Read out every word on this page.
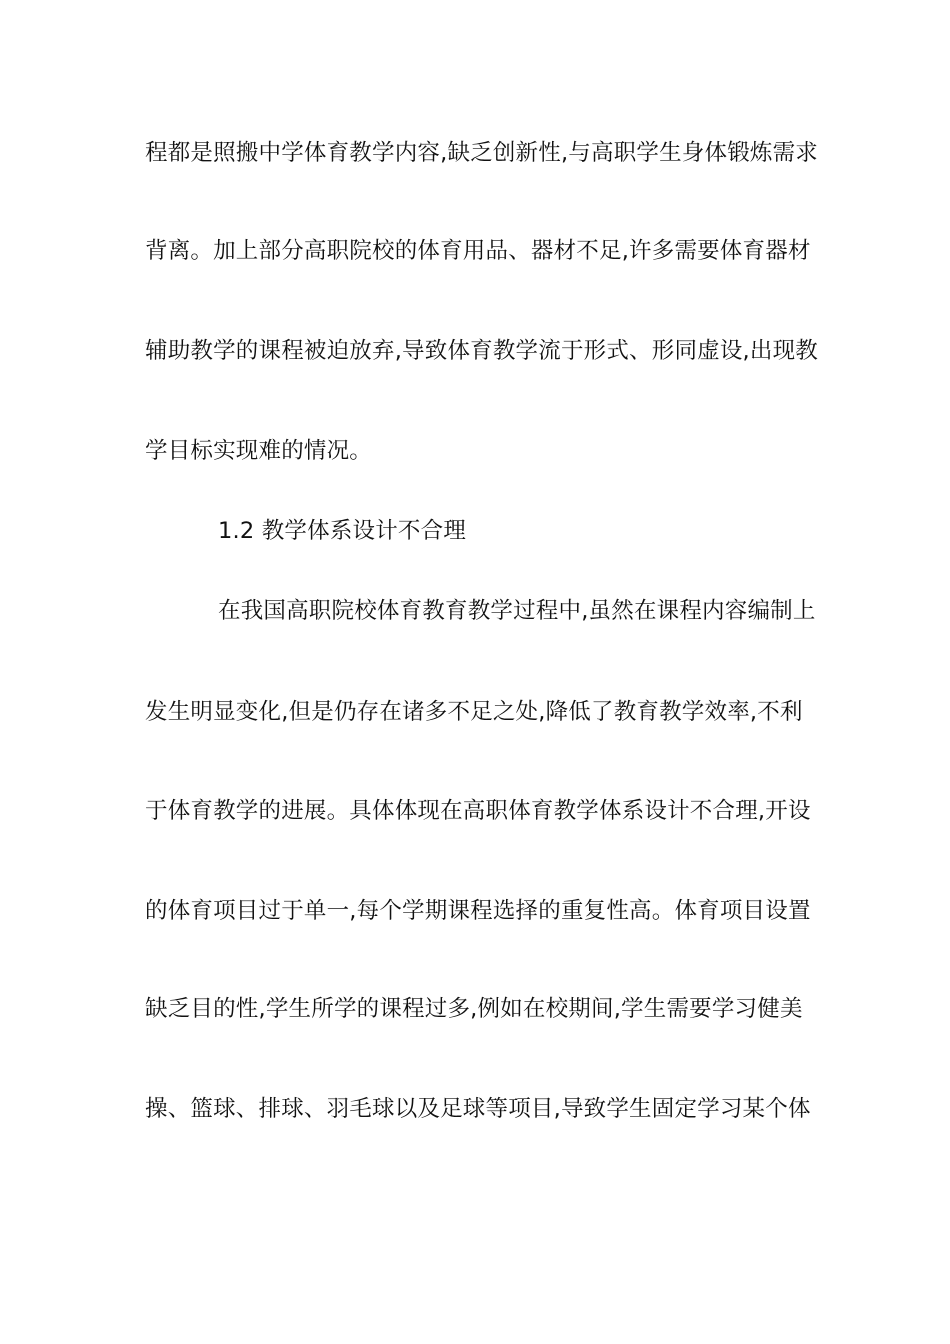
程都是照搬中学体育教学内容,缺乏创新性,与高职学生身体锻炼需求
背离。加上部分高职院校的体育用品、器材不足,许多需要体育器材
辅助教学的课程被迫放弃,导致体育教学流于形式、形同虚设,出现教
学目标实现难的情况。
1.2 教学体系设计不合理
在我国高职院校体育教育教学过程中,虽然在课程内容编制上
发生明显变化,但是仍存在诸多不足之处,降低了教育教学效率,不利
于体育教学的进展。具体体现在高职体育教学体系设计不合理,开设
的体育项目过于单一,每个学期课程选择的重复性高。体育项目设置
缺乏目的性,学生所学的课程过多,例如在校期间,学生需要学习健美
操、篮球、排球、羽毛球以及足球等项目,导致学生固定学习某个体
